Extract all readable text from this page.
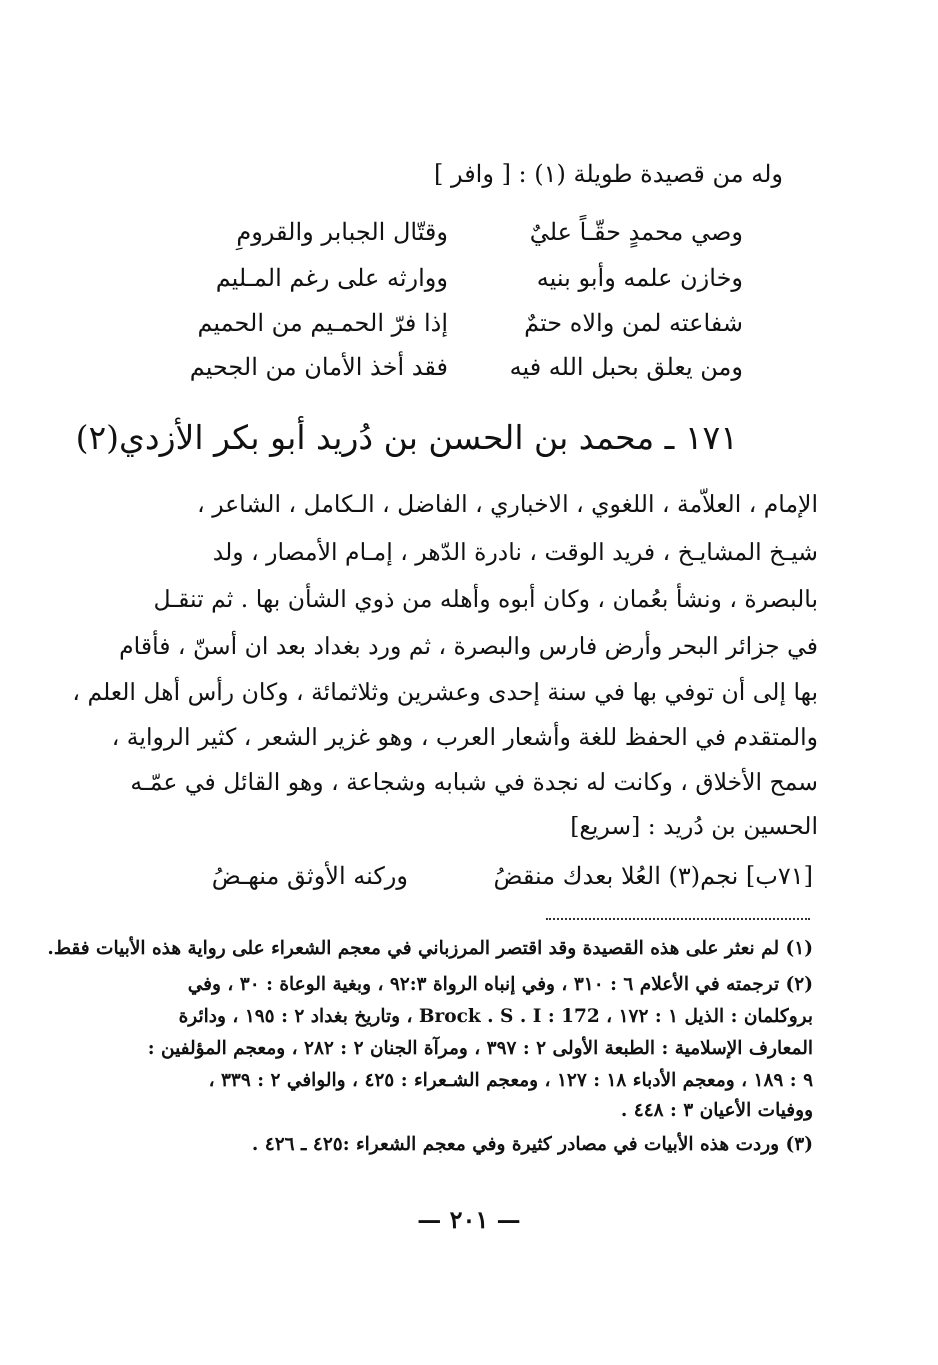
وله من قصيدة طويلة (١) : [ وافر ]
وصي محمدٍ حقّـاً عليٌ
وقتّال الجبابر والقرومِ
وخازن علمه وأبو بنيه
ووارثه على رغم المـليم
شفاعته لمن والاه حتمٌ
إذا فرّ الحمـيم من الحميم
ومن يعلق بحبل الله فيه
فقد أخذ الأمان من الجحيم
١٧١ ـ محمد بن الحسن بن دُريد أبو بكر الأزدي(٢)
الإمام ، العلاّمة ، اللغوي ، الاخباري ، الفاضل ، الـكامل ، الشاعر ،
شيـخ المشايـخ ، فريد الوقت ، نادرة الدّهر ، إمـام الأمصار ، ولد
بالبصرة ، ونشأ بعُمان ، وكان أبوه وأهله من ذوي الشأن بها . ثم تنقـل
في جزائر البحر وأرض فارس والبصرة ، ثم ورد بغداد بعد ان أسنّ ، فأقام
بها إلى أن توفي بها في سنة إحدى وعشرين وثلاثمائة ، وكان رأس أهل العلم ،
والمتقدم في الحفظ للغة وأشعار العرب ، وهو غزير الشعر ، كثير الرواية ،
سمح الأخلاق ، وكانت له نجدة في شبابه وشجاعة ، وهو القائل في عمّـه
الحسين بن دُريد : [سريع]
[٧١ب] نجم(٣) العُلا بعدك منقضُ
وركنه الأوثق منهـضُ
(١) لم نعثر على هذه القصيدة وقد اقتصر المرزباني في معجم الشعراء على رواية هذه الأبيات فقط.
(٢) ترجمته في الأعلام ٦ : ٣١٠ ، وفي إنباه الرواة ٩٢:٣ ، وبغية الوعاة : ٣٠ ، وفي
بروكلمان : الذيل ١ : ١٧٢ ، Brock . S . I : 172 ، وتاريخ بغداد ٢ : ١٩٥ ، ودائرة
المعارف الإسلامية : الطبعة الأولى ٢ : ٣٩٧ ، ومرآة الجنان ٢ : ٢٨٢ ، ومعجم المؤلفين :
٩ : ١٨٩ ، ومعجم الأدباء ١٨ : ١٢٧ ، ومعجم الشـعراء : ٤٢٥ ، والوافي ٢ : ٣٣٩ ،
ووفيات الأعيان ٣ : ٤٤٨ .
(٣) وردت هذه الأبيات في مصادر كثيرة وفي معجم الشعراء :٤٢٥ ـ ٤٢٦ .
— ٢٠١ —
